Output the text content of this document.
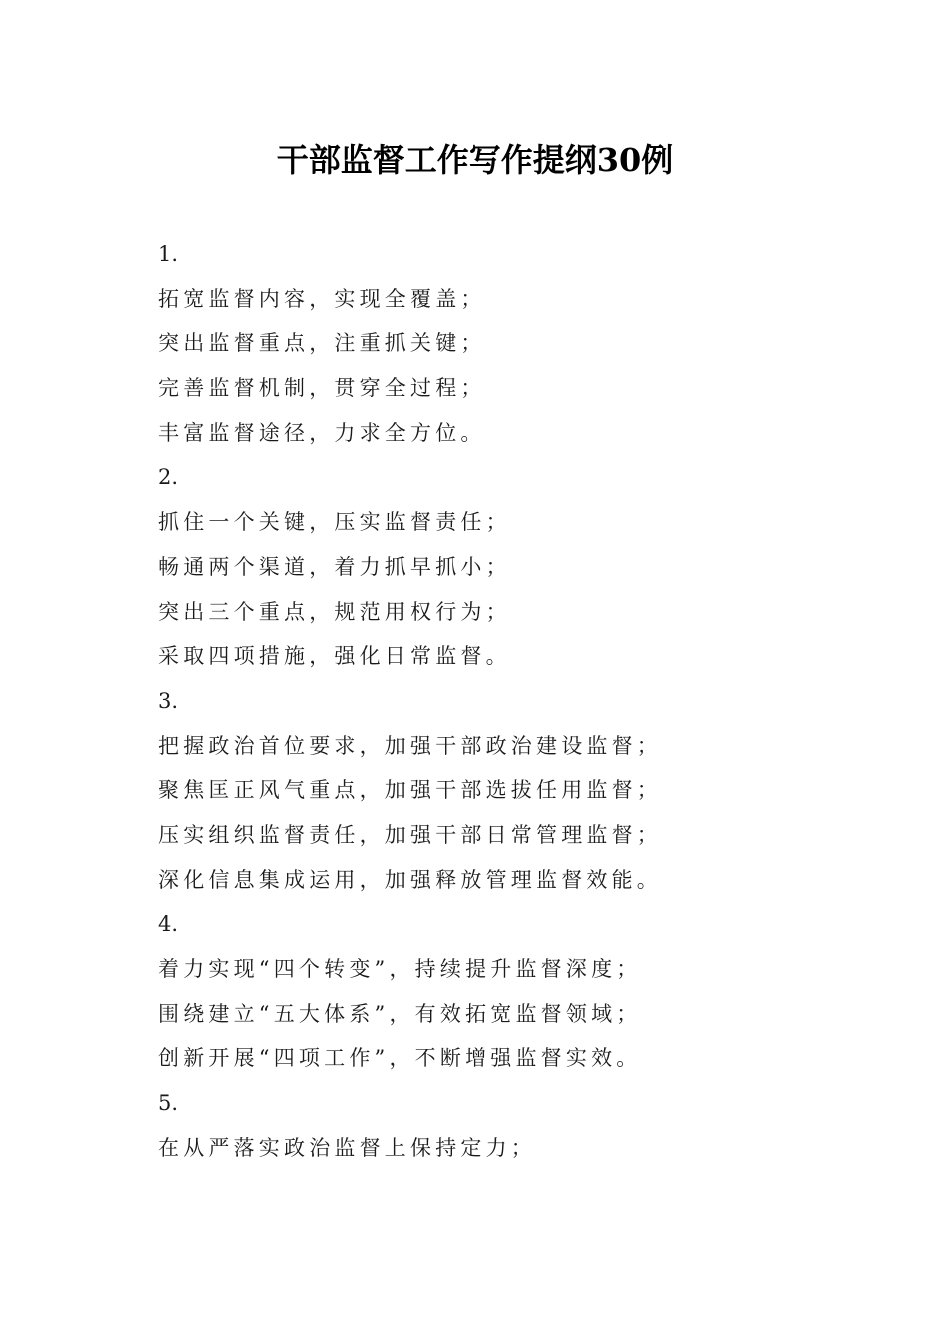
干部监督工作写作提纲30例
1.
拓宽监督内容，实现全覆盖；
突出监督重点，注重抓关键；
完善监督机制，贯穿全过程；
丰富监督途径，力求全方位。
2.
抓住一个关键，压实监督责任；
畅通两个渠道，着力抓早抓小；
突出三个重点，规范用权行为；
采取四项措施，强化日常监督。
3.
把握政治首位要求，加强干部政治建设监督；
聚焦匡正风气重点，加强干部选拔任用监督；
压实组织监督责任，加强干部日常管理监督；
深化信息集成运用，加强释放管理监督效能。
4.
着力实现“四个转变”，持续提升监督深度；
围绕建立“五大体系”，有效拓宽监督领域；
创新开展“四项工作”，不断增强监督实效。
5.
在从严落实政治监督上保持定力；
